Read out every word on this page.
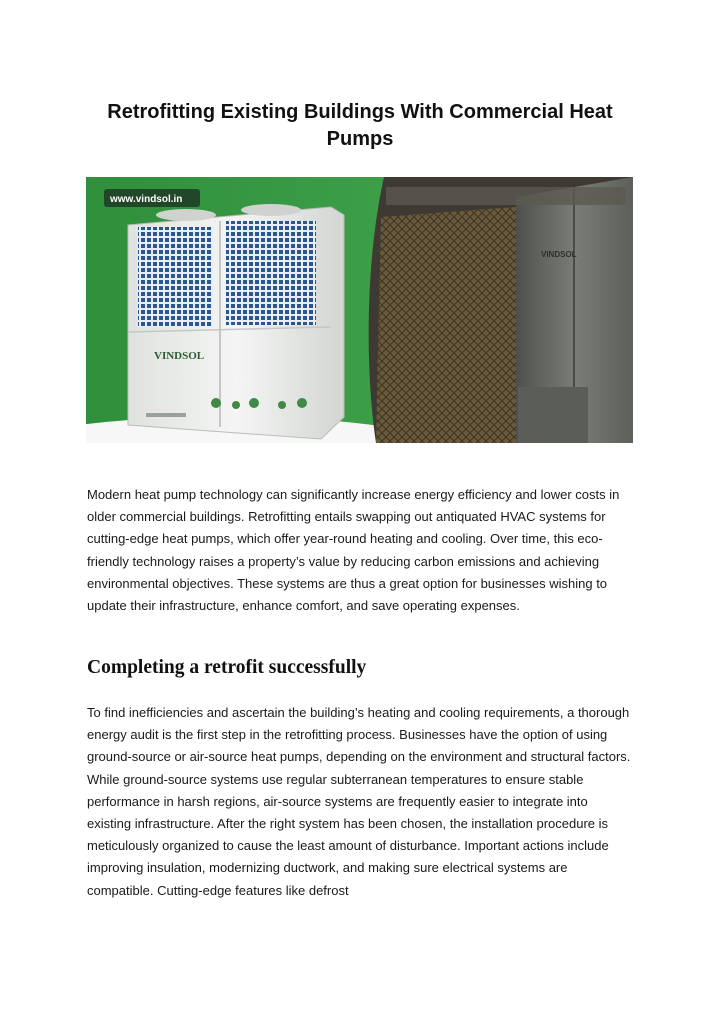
Retrofitting Existing Buildings With Commercial Heat Pumps
VINDSOL
www.vindsol.in
VINDSOL

Modern heat pump technology can significantly increase energy efficiency and lower costs in older commercial buildings. Retrofitting entails swapping out antiquated HVAC systems for cutting-edge heat pumps, which offer year-round heating and cooling. Over time, this eco-friendly technology raises a property’s value by reducing carbon emissions and achieving environmental objectives. These systems are thus a great option for businesses wishing to update their infrastructure, enhance comfort, and save operating expenses.

Completing a retrofit successfully

To find inefficiencies and ascertain the building’s heating and cooling requirements, a thorough energy audit is the first step in the retrofitting process. Businesses have the option of using ground-source or air-source heat pumps, depending on the environment and structural factors. While ground-source systems use regular subterranean temperatures to ensure stable performance in harsh regions, air-source systems are frequently easier to integrate into existing infrastructure. After the right system has been chosen, the installation procedure is meticulously organized to cause the least amount of disturbance. Important actions include improving insulation, modernizing ductwork, and making sure electrical systems are compatible. Cutting-edge features like defrost
